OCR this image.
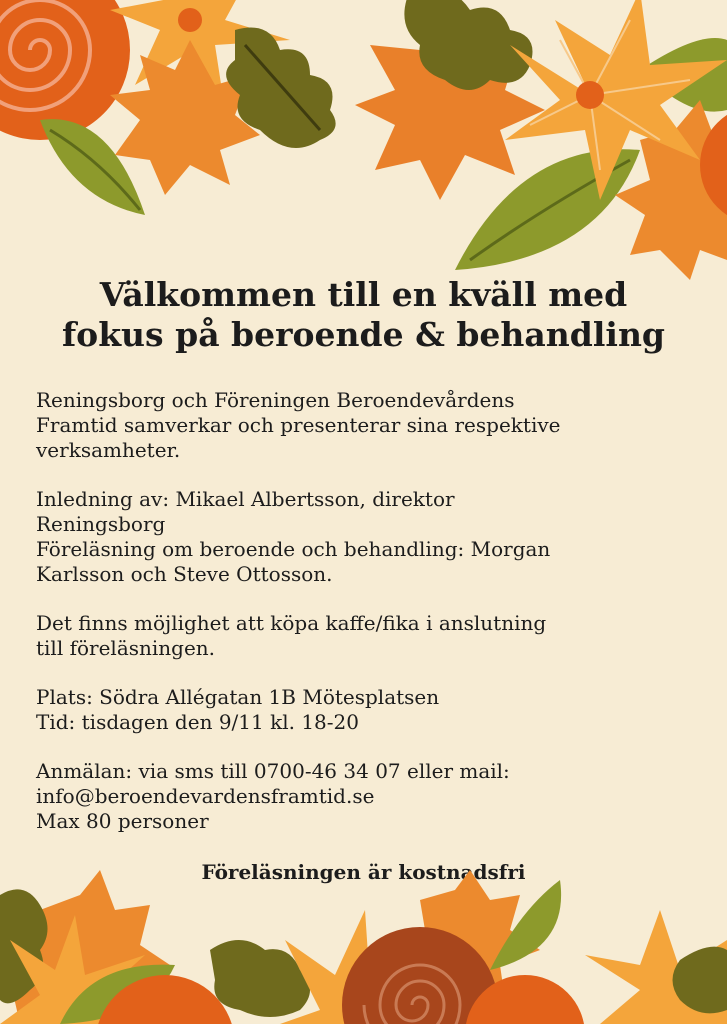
Välkommen till en kväll med
fokus på beroende & behandling

Reningsborg och Föreningen Beroendevårdens
Framtid samverkar och presenterar sina respektive
verksamheter.

Inledning av: Mikael Albertsson, direktor
Reningsborg
Föreläsning om beroende och behandling: Morgan
Karlsson och Steve Ottosson.

Det finns möjlighet att köpa kaffe/fika i anslutning
till föreläsningen.

Plats: Södra Allégatan 1B Mötesplatsen
Tid: tisdagen den 9/11 kl. 18-20

Anmälan: via sms till 0700-46 34 07 eller mail:
info@beroendevardensframtid.se
Max 80 personer

Föreläsningen är kostnadsfri
